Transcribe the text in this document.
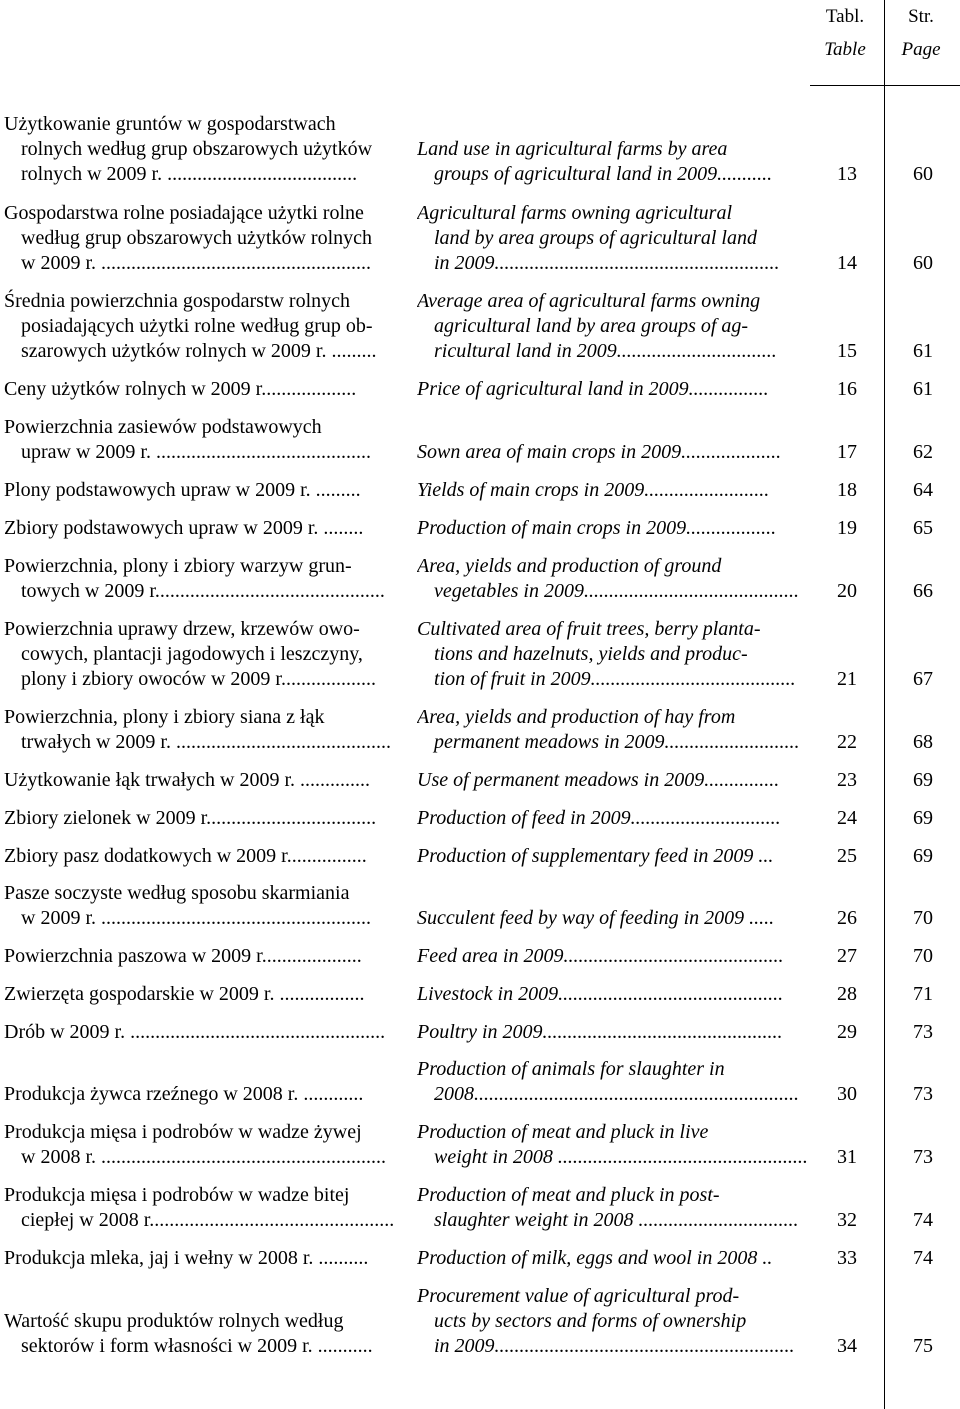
Tabl.
Table
Str.
Page
Użytkowanie gruntów w gospodarstwach
rolnych według grup obszarowych użytków
rolnych w 2009 r. ......................................
Land use in agricultural farms by area
groups of agricultural land in 2009...........	13	60
Gospodarstwa rolne posiadające użytki rolne
według grup obszarowych użytków rolnych
w 2009 r. ......................................................
Agricultural farms owning agricultural
land by area groups of agricultural land
in 2009.........................................................	14	60
Średnia powierzchnia gospodarstw rolnych
posiadających użytki rolne według grup ob-
szarowych użytków rolnych w 2009 r. .........
Average area of agricultural farms owning
agricultural land by area groups of ag-
ricultural land in 2009................................	15	61
Ceny użytków rolnych w 2009 r...................	Price of agricultural land in 2009................	16	61
Powierzchnia zasiewów podstawowych
upraw w 2009 r. ...........................................	Sown area of main crops in 2009....................	17	62
Plony podstawowych upraw w 2009 r. .........	Yields of main crops in 2009.........................	18	64
Zbiory podstawowych upraw w 2009 r. ........	Production of main crops in 2009..................	19	65
Powierzchnia, plony i zbiory warzyw grun-
towych w 2009 r..............................................
Area, yields and production of ground
vegetables in 2009...........................................	20	66
Powierzchnia uprawy drzew, krzewów owo-
cowych, plantacji jagodowych i leszczyny,
plony i zbiory owoców w 2009 r...................
Cultivated area of fruit trees, berry planta-
tions and hazelnuts, yields and produc-
tion of fruit in 2009.........................................	21	67
Powierzchnia, plony i zbiory siana z łąk
trwałych w 2009 r. ...........................................
Area, yields and production of hay from
permanent meadows in 2009...........................	22	68
Użytkowanie łąk trwałych w 2009 r. ..............	Use of permanent meadows in 2009...............	23	69
Zbiory zielonek w 2009 r..................................	Production of feed in 2009..............................	24	69
Zbiory pasz dodatkowych w 2009 r................	Production of supplementary feed in 2009 ...	25	69
Pasze soczyste według sposobu skarmiania
w 2009 r. ......................................................	Succulent feed by way of feeding in 2009 .....	26	70
Powierzchnia paszowa w 2009 r....................	Feed area in 2009............................................	27	70
Zwierzęta gospodarskie w 2009 r. .................	Livestock in 2009.............................................	28	71
Drób w 2009 r. ...................................................	Poultry in 2009................................................	29	73
Produkcja żywca rzeźnego w 2008 r. ............
Production of animals for slaughter in
2008.................................................................	30	73
Produkcja mięsa i podrobów w wadze żywej
w 2008 r. .........................................................
Production of meat and pluck in live
weight in 2008 ..................................................	31	73
Produkcja mięsa i podrobów w wadze bitej
ciepłej w 2008 r.................................................
Production of meat and pluck in post-
slaughter weight in 2008 ................................	32	74
Produkcja mleka, jaj i wełny w 2008 r. ..........	Production of milk, eggs and wool in 2008 ..	33	74
Wartość skupu produktów rolnych według
sektorów i form własności w 2009 r. ...........
Procurement value of agricultural prod-
ucts by sectors and forms of ownership
in 2009............................................................	34	75
